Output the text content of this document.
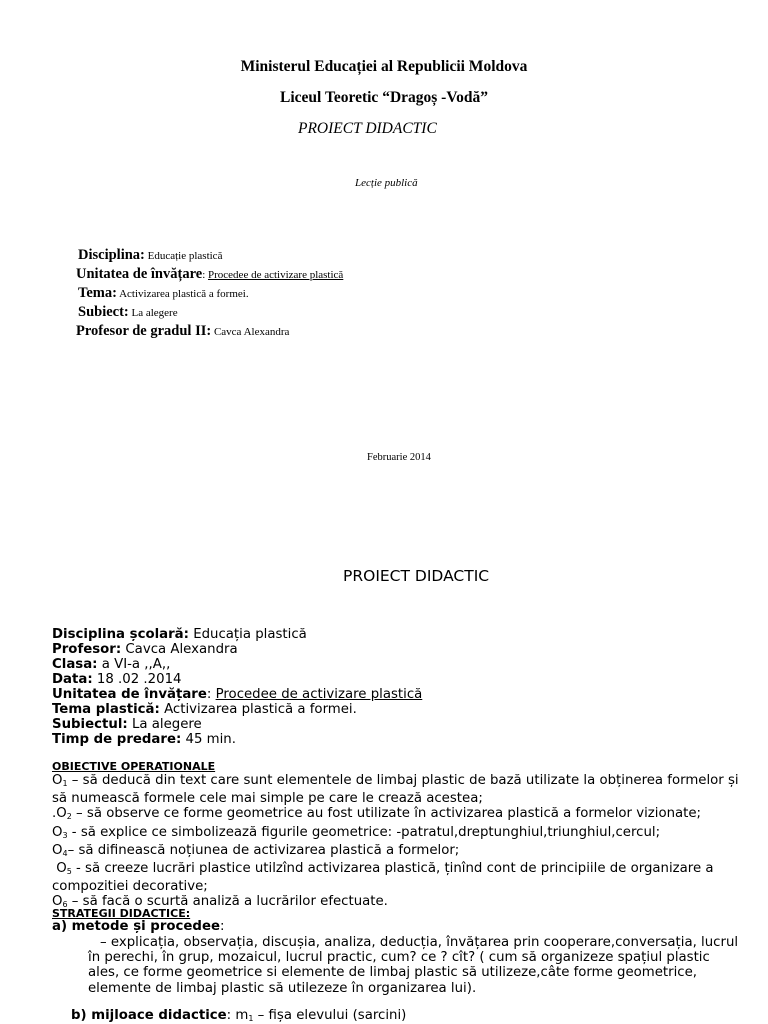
Ministerul Educației al Republicii Moldova
Liceul Teoretic “Dragoș -Vodă”
PROIECT DIDACTIC
Lecție publică
Disciplina: Educație plastică
Unitatea de învățare: Procedee de activizare plastică
Tema: Activizarea plastică a formei.
Subiect: La alegere
Profesor de gradul II: Cavca Alexandra
Februarie 2014
PROIECT DIDACTIC
Disciplina școlară: Educația plastică
Profesor: Cavca Alexandra
Clasa: a VI-a ,,A,,
Data: 18 .02 .2014
Unitatea de învățare: Procedee de activizare plastică
Tema plastică: Activizarea plastică a formei.
Subiectul: La alegere
Timp de predare: 45 min.
OBIECTIVE OPERATIONALE
$O_1$ – să deducă din text care sunt elementele de limbaj plastic de bază utilizate la obținerea formelor și
să numească formele cele mai simple pe care le crează acestea;
$.O_2$ – să observe ce forme geometrice au fost utilizate în activizarea plastică a formelor vizionate;
$O_3$ - să explice ce simbolizează figurile geometrice: -patratul,dreptunghiul,triunghiul,cercul;
$O_4-$ să difinească noțiunea de activizarea plastică a formelor;
$O_5$ - să creeze lucrări plastice utilzînd activizarea plastică, ținînd cont de principiile de organizare a
compozitiei decorative;
$O_6$ – să facă o scurtă analiză a lucrărilor efectuate.
STRATEGII DIDACTICE:
a) metode și procedee:
– explicația, observația, discușia, analiza, deducția, învățarea prin cooperare,conversația, lucrul
în perechi, în grup, mozaicul, lucrul practic, cum? ce ? cît? ( cum să organizeze spațiul plastic
ales, ce forme geometrice si elemente de limbaj plastic să utilizeze,câte forme geometrice,
elemente de limbaj plastic să utilezeze în organizarea lui).
b) mijloace didactice: $m_1$ – fișa elevului (sarcini)
